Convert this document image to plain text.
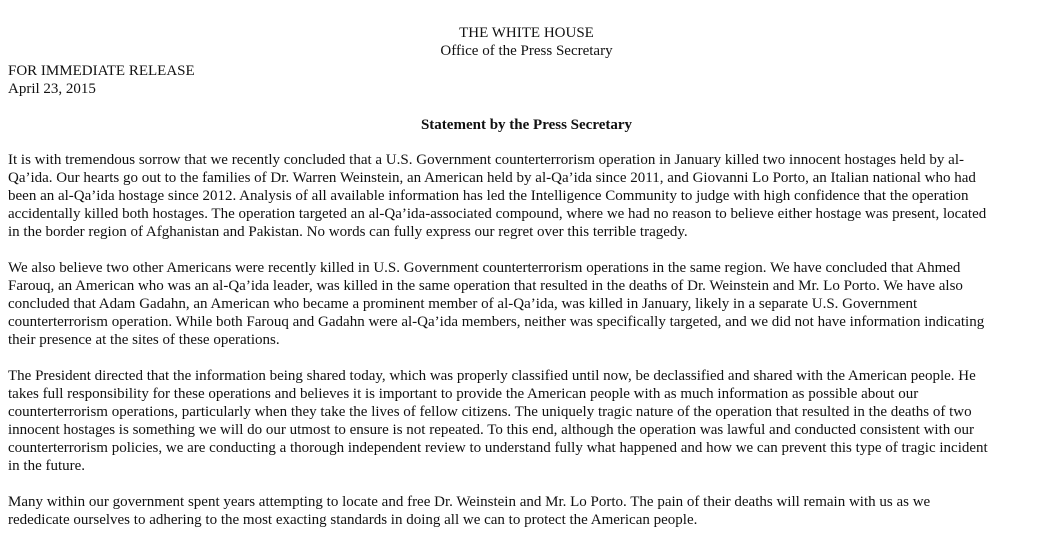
THE WHITE HOUSE
Office of the Press Secretary
FOR IMMEDIATE RELEASE
April 23, 2015
Statement by the Press Secretary

It is with tremendous sorrow that we recently concluded that a U.S. Government counterterrorism operation in January killed two innocent hostages held by al-
Qa’ida. Our hearts go out to the families of Dr. Warren Weinstein, an American held by al-Qa’ida since 2011, and Giovanni Lo Porto, an Italian national who had
been an al-Qa’ida hostage since 2012. Analysis of all available information has led the Intelligence Community to judge with high confidence that the operation
accidentally killed both hostages. The operation targeted an al-Qa’ida-associated compound, where we had no reason to believe either hostage was present, located
in the border region of Afghanistan and Pakistan. No words can fully express our regret over this terrible tragedy.

We also believe two other Americans were recently killed in U.S. Government counterterrorism operations in the same region. We have concluded that Ahmed
Farouq, an American who was an al-Qa’ida leader, was killed in the same operation that resulted in the deaths of Dr. Weinstein and Mr. Lo Porto. We have also
concluded that Adam Gadahn, an American who became a prominent member of al-Qa’ida, was killed in January, likely in a separate U.S. Government
counterterrorism operation. While both Farouq and Gadahn were al-Qa’ida members, neither was specifically targeted, and we did not have information indicating
their presence at the sites of these operations.

The President directed that the information being shared today, which was properly classified until now, be declassified and shared with the American people. He
takes full responsibility for these operations and believes it is important to provide the American people with as much information as possible about our
counterterrorism operations, particularly when they take the lives of fellow citizens. The uniquely tragic nature of the operation that resulted in the deaths of two
innocent hostages is something we will do our utmost to ensure is not repeated. To this end, although the operation was lawful and conducted consistent with our
counterterrorism policies, we are conducting a thorough independent review to understand fully what happened and how we can prevent this type of tragic incident
in the future.

Many within our government spent years attempting to locate and free Dr. Weinstein and Mr. Lo Porto. The pain of their deaths will remain with us as we
rededicate ourselves to adhering to the most exacting standards in doing all we can to protect the American people.
